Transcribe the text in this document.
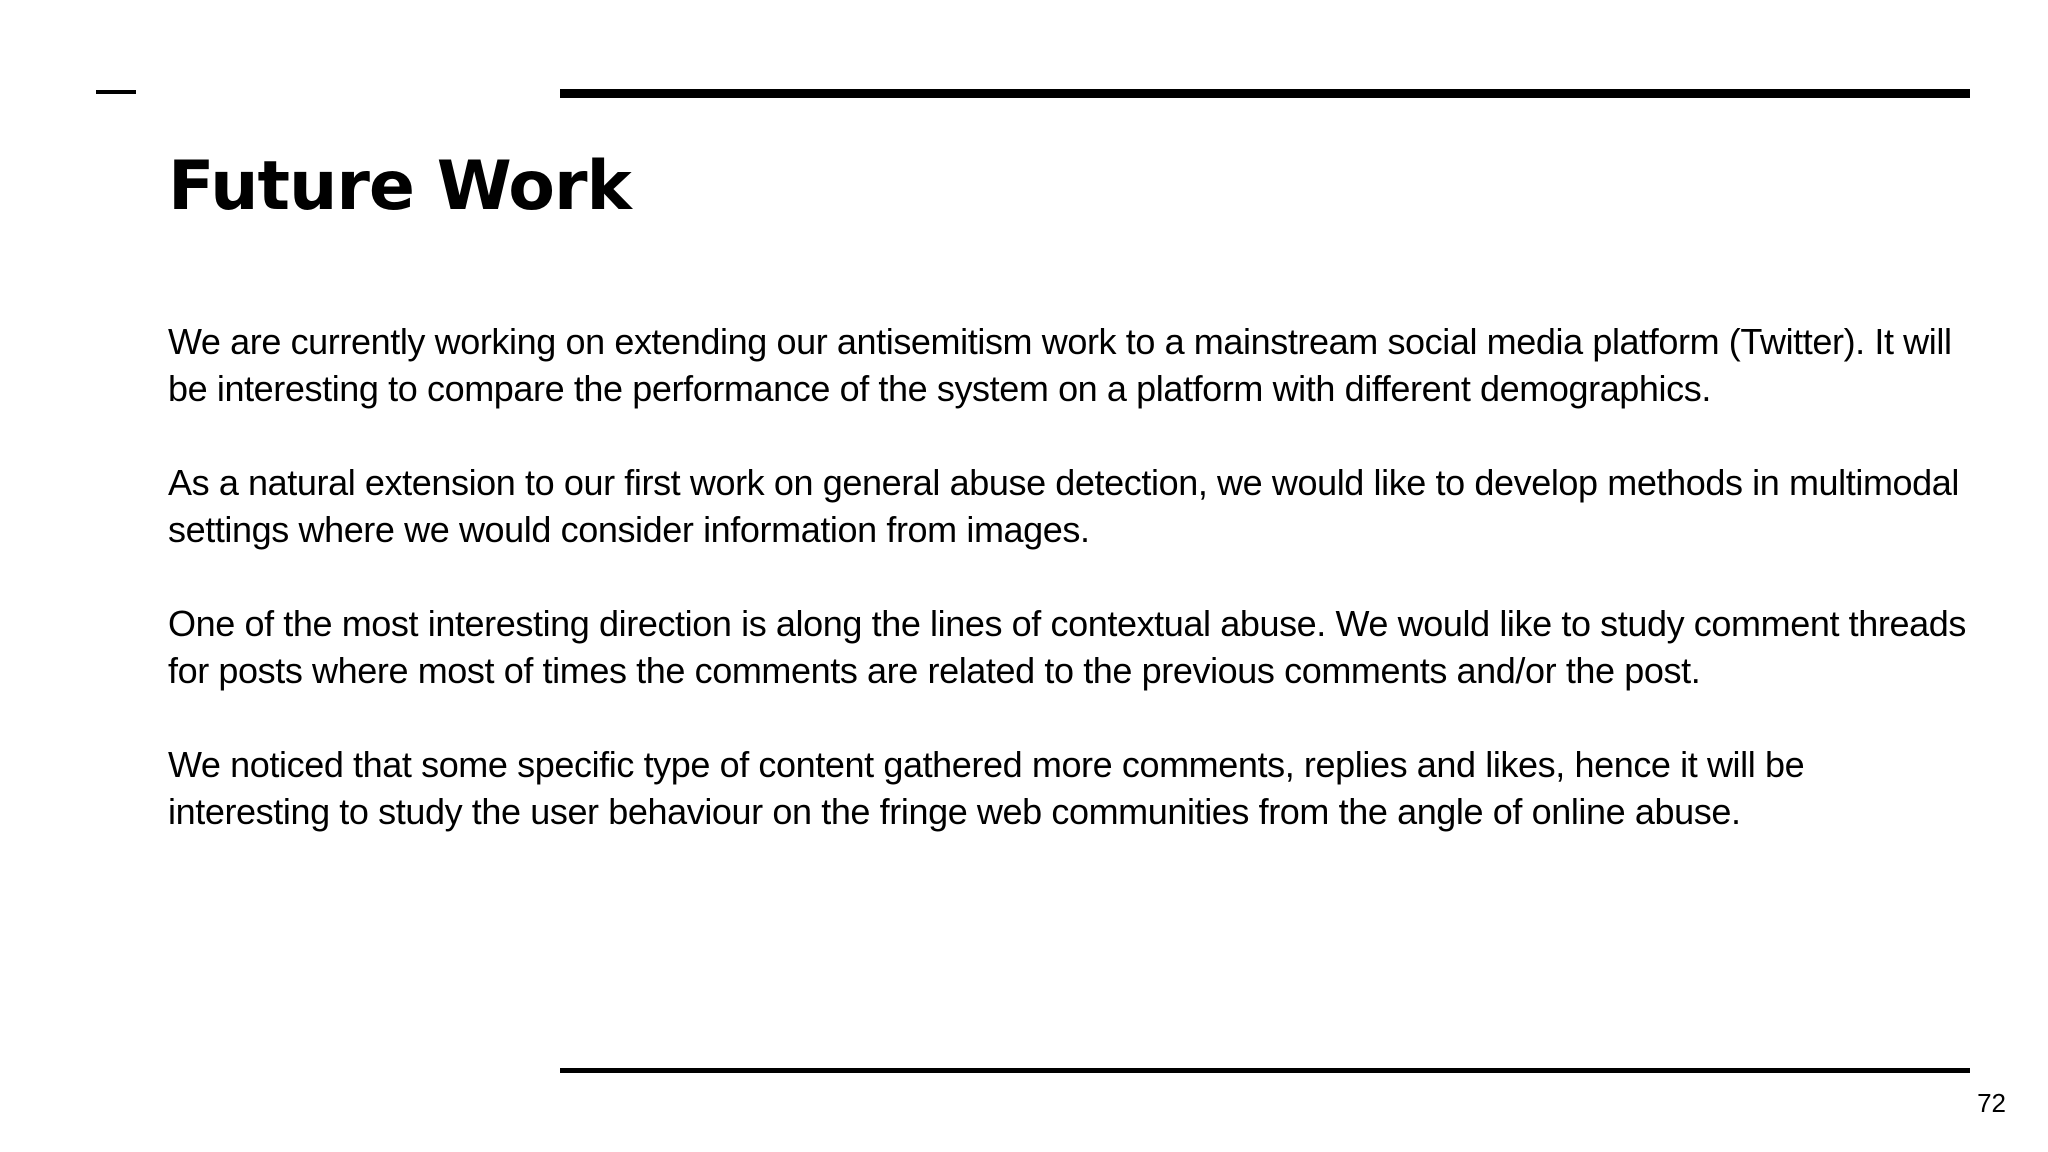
Future Work

We are currently working on extending our antisemitism work to a mainstream social media platform (Twitter). It will be interesting to compare the performance of the system on a platform with different demographics.

As a natural extension to our first work on general abuse detection, we would like to develop methods in multimodal settings where we would consider information from images.

One of the most interesting direction is along the lines of contextual abuse. We would like to study comment threads for posts where most of times the comments are related to the previous comments and/or the post.

We noticed that some specific type of content gathered more comments, replies and likes, hence it will be interesting to study the user behaviour on the fringe web communities from the angle of online abuse.

72
